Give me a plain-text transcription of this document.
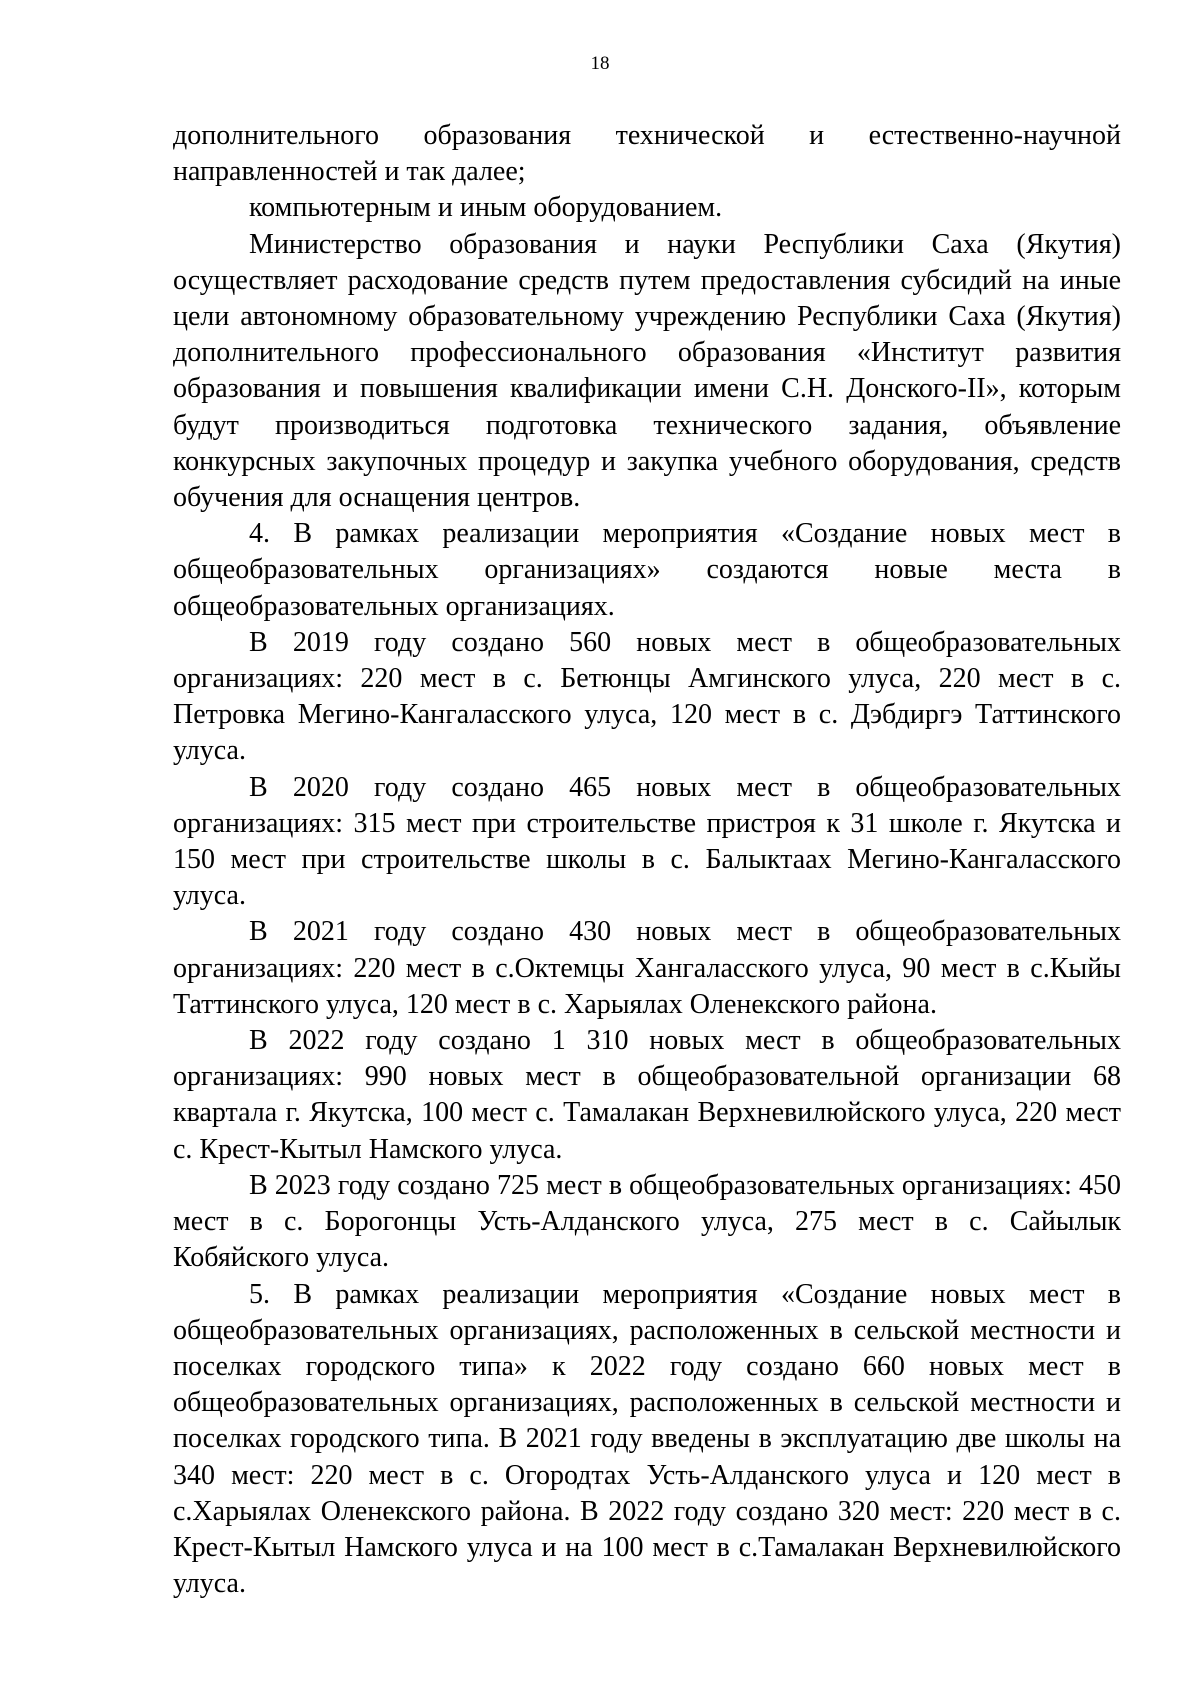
18

дополнительного образования технической и естественно-научной направленностей и так далее;

компьютерным и иным оборудованием.

Министерство образования и науки Республики Саха (Якутия) осуществляет расходование средств путем предоставления субсидий на иные цели автономному образовательному учреждению Республики Саха (Якутия) дополнительного профессионального образования «Институт развития образования и повышения квалификации имени С.Н. Донского-II», которым будут производиться подготовка технического задания, объявление конкурсных закупочных процедур и закупка учебного оборудования, средств обучения для оснащения центров.

4. В рамках реализации мероприятия «Создание новых мест в общеобразовательных организациях» создаются новые места в общеобразовательных организациях.

В 2019 году создано 560 новых мест в общеобразовательных организациях: 220 мест в с. Бетюнцы Амгинского улуса, 220 мест в с. Петровка Мегино-Кангаласского улуса, 120 мест в с. Дэбдиргэ Таттинского улуса.

В 2020 году создано 465 новых мест в общеобразовательных организациях: 315 мест при строительстве пристроя к 31 школе г. Якутска и 150 мест при строительстве школы в с. Балыктаах Мегино-Кангаласского улуса.

В 2021 году создано 430 новых мест в общеобразовательных организациях: 220 мест в с.Октемцы Хангаласского улуса, 90 мест в с.Кыйы Таттинского улуса, 120 мест в с. Харыялах Оленекского района.

В 2022 году создано 1 310 новых мест в общеобразовательных организациях: 990 новых мест в общеобразовательной организации 68 квартала г. Якутска, 100 мест с. Тамалакан Верхневилюйского улуса, 220 мест с. Крест-Кытыл Намского улуса.

В 2023 году создано 725 мест в общеобразовательных организациях: 450 мест в с. Борогонцы Усть-Алданского улуса, 275 мест в с. Сайылык Кобяйского улуса.

5. В рамках реализации мероприятия «Создание новых мест в общеобразовательных организациях, расположенных в сельской местности и поселках городского типа» к 2022 году создано 660 новых мест в общеобразовательных организациях, расположенных в сельской местности и поселках городского типа. В 2021 году введены в эксплуатацию две школы на 340 мест: 220 мест в с. Огородтах Усть-Алданского улуса и 120 мест в с.Харыялах Оленекского района. В 2022 году создано 320 мест: 220 мест в с. Крест-Кытыл Намского улуса и на 100 мест в с.Тамалакан Верхневилюйского улуса.
